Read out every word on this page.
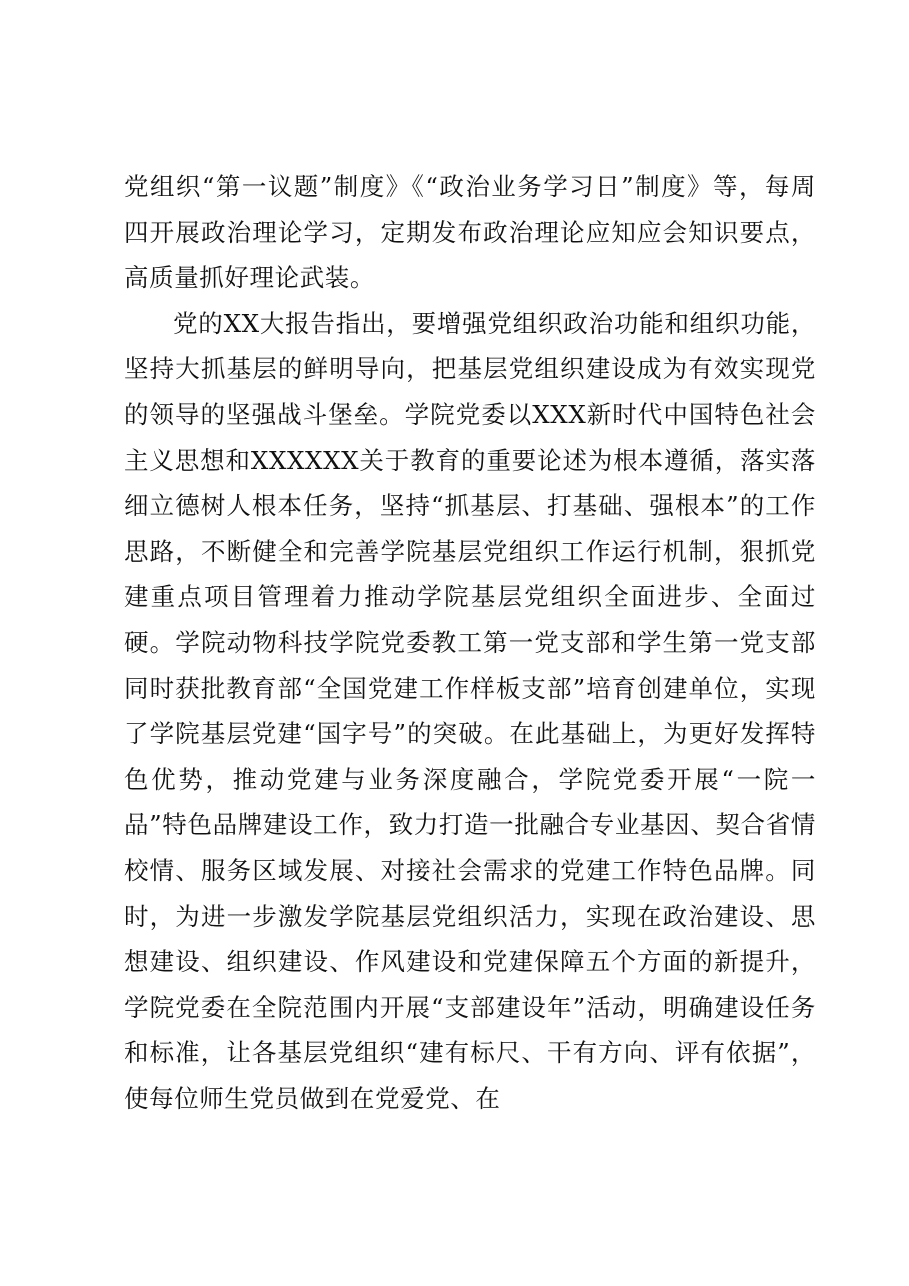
党组织“第一议题”制度》《“政治业务学习日”制度》等，每周四开展政治理论学习，定期发布政治理论应知应会知识要点，高质量抓好理论武装。

党的XX大报告指出，要增强党组织政治功能和组织功能，坚持大抓基层的鲜明导向，把基层党组织建设成为有效实现党的领导的坚强战斗堡垒。学院党委以XXX新时代中国特色社会主义思想和XXXXXX关于教育的重要论述为根本遵循，落实落细立德树人根本任务，坚持“抓基层、打基础、强根本”的工作思路，不断健全和完善学院基层党组织工作运行机制，狠抓党建重点项目管理着力推动学院基层党组织全面进步、全面过硬。学院动物科技学院党委教工第一党支部和学生第一党支部同时获批教育部“全国党建工作样板支部”培育创建单位，实现了学院基层党建“国字号”的突破。在此基础上，为更好发挥特色优势，推动党建与业务深度融合，学院党委开展“一院一品”特色品牌建设工作，致力打造一批融合专业基因、契合省情校情、服务区域发展、对接社会需求的党建工作特色品牌。同时，为进一步激发学院基层党组织活力，实现在政治建设、思想建设、组织建设、作风建设和党建保障五个方面的新提升，学院党委在全院范围内开展“支部建设年”活动，明确建设任务和标准，让各基层党组织“建有标尺、干有方向、评有依据”，使每位师生党员做到在党爱党、在
